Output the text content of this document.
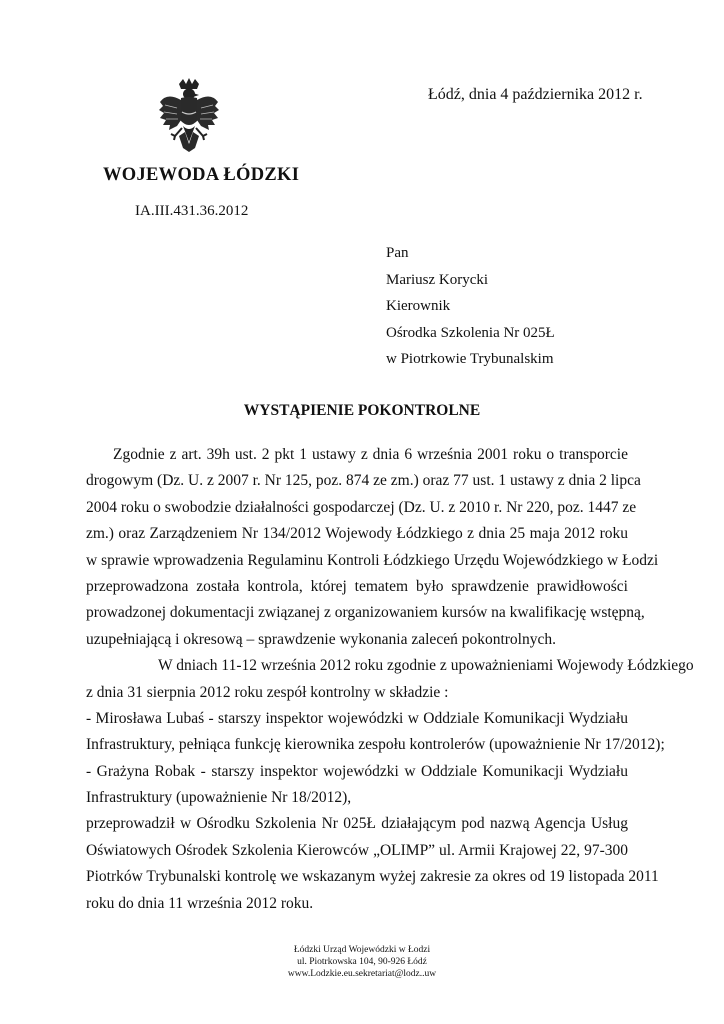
Łódź, dnia 4 października 2012 r.
WOJEWODA ŁÓDZKI
IA.III.431.36.2012
Pan
Mariusz Korycki
Kierownik
Ośrodka Szkolenia Nr 025Ł
w Piotrkowie Trybunalskim
WYSTĄPIENIE POKONTROLNE
Zgodnie z art. 39h ust. 2 pkt 1 ustawy z dnia 6 września 2001 roku o transporcie
drogowym (Dz. U. z 2007 r. Nr 125, poz. 874 ze zm.) oraz 77 ust. 1 ustawy z dnia 2 lipca
2004 roku o swobodzie działalności gospodarczej (Dz. U. z 2010 r. Nr 220, poz. 1447 ze
zm.) oraz Zarządzeniem Nr 134/2012 Wojewody Łódzkiego z dnia 25 maja 2012 roku
w sprawie wprowadzenia Regulaminu Kontroli Łódzkiego Urzędu Wojewódzkiego w Łodzi
przeprowadzona została kontrola, której tematem było sprawdzenie prawidłowości
prowadzonej dokumentacji związanej z organizowaniem kursów na kwalifikację wstępną,
uzupełniającą i okresową – sprawdzenie wykonania zaleceń pokontrolnych.
W dniach 11-12 września 2012 roku zgodnie z upoważnieniami Wojewody Łódzkiego
z dnia 31 sierpnia 2012 roku zespół kontrolny w składzie :
- Mirosława Lubaś - starszy inspektor wojewódzki w Oddziale Komunikacji Wydziału
Infrastruktury, pełniąca funkcję kierownika zespołu kontrolerów (upoważnienie Nr 17/2012);
- Grażyna Robak - starszy inspektor wojewódzki w Oddziale Komunikacji Wydziału
Infrastruktury (upoważnienie Nr 18/2012),
przeprowadził w Ośrodku Szkolenia Nr 025Ł działającym pod nazwą Agencja Usług
Oświatowych Ośrodek Szkolenia Kierowców „OLIMP” ul. Armii Krajowej 22, 97-300
Piotrków Trybunalski kontrolę we wskazanym wyżej zakresie za okres od 19 listopada 2011
roku do dnia 11 września 2012 roku.
Łódzki Urząd Wojewódzki w Łodzi
ul. Piotrkowska 104, 90-926 Łódź
www.Lodzkie.eu.sekretariat@lodz..uw
